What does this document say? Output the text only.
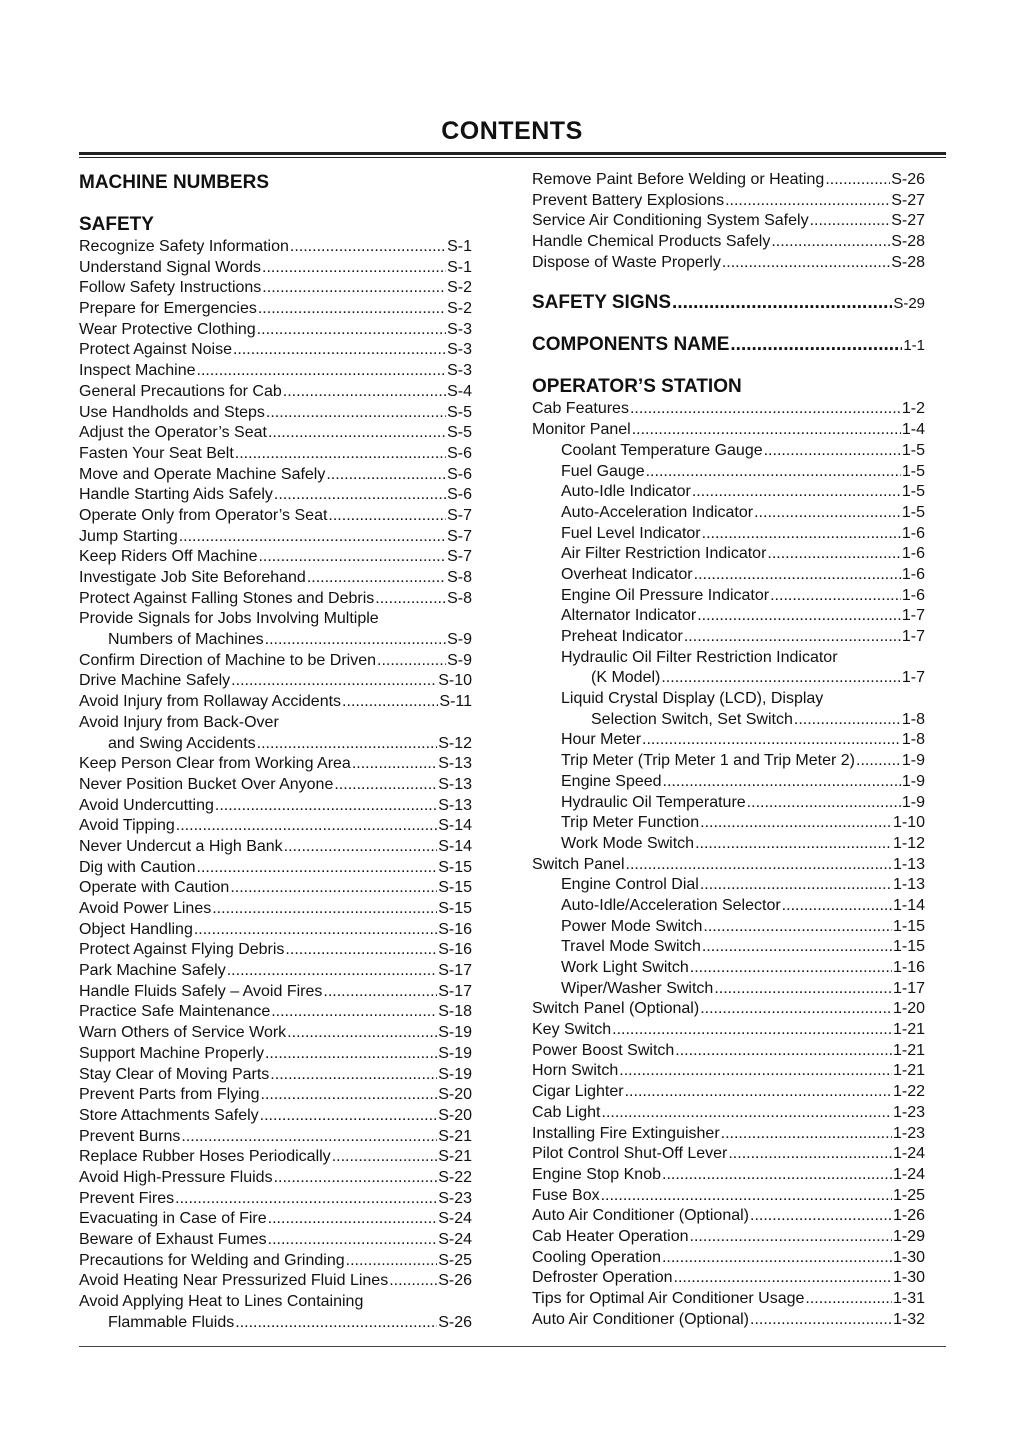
CONTENTS
MACHINE NUMBERS
SAFETY
Recognize Safety Information .....	S-1
Understand Signal Words .....	S-1
Follow Safety Instructions .....	S-2
Prepare for Emergencies .....	S-2
Wear Protective Clothing .....	S-3
Protect Against Noise .....	S-3
Inspect Machine .....	S-3
General Precautions for Cab .....	S-4
Use Handholds and Steps .....	S-5
Adjust the Operator’s Seat .....	S-5
Fasten Your Seat Belt .....	S-6
Move and Operate Machine Safely .....	S-6
Handle Starting Aids Safely .....	S-6
Operate Only from Operator’s Seat .....	S-7
Jump Starting .....	S-7
Keep Riders Off Machine .....	S-7
Investigate Job Site Beforehand .....	S-8
Protect Against Falling Stones and Debris .....	S-8
Provide Signals for Jobs Involving Multiple
Numbers of Machines .....	S-9
Confirm Direction of Machine to be Driven .....	S-9
Drive Machine Safely .....	S-10
Avoid Injury from Rollaway Accidents .....	S-11
Avoid Injury from Back-Over
and Swing Accidents .....	S-12
Keep Person Clear from Working Area .....	S-13
Never Position Bucket Over Anyone .....	S-13
Avoid Undercutting .....	S-13
Avoid Tipping .....	S-14
Never Undercut a High Bank .....	S-14
Dig with Caution .....	S-15
Operate with Caution .....	S-15
Avoid Power Lines .....	S-15
Object Handling .....	S-16
Protect Against Flying Debris .....	S-16
Park Machine Safely .....	S-17
Handle Fluids Safely – Avoid Fires .....	S-17
Practice Safe Maintenance .....	S-18
Warn Others of Service Work .....	S-19
Support Machine Properly .....	S-19
Stay Clear of Moving Parts .....	S-19
Prevent Parts from Flying .....	S-20
Store Attachments Safely .....	S-20
Prevent Burns .....	S-21
Replace Rubber Hoses Periodically .....	S-21
Avoid High-Pressure Fluids .....	S-22
Prevent Fires .....	S-23
Evacuating in Case of Fire .....	S-24
Beware of Exhaust Fumes .....	S-24
Precautions for Welding and Grinding .....	S-25
Avoid Heating Near Pressurized Fluid Lines .....	S-26
Avoid Applying Heat to Lines Containing
Flammable Fluids .....	S-26
Remove Paint Before Welding or Heating .....	S-26
Prevent Battery Explosions .....	S-27
Service Air Conditioning System Safely .....	S-27
Handle Chemical Products Safely .....	S-28
Dispose of Waste Properly .....	S-28
SAFETY SIGNS .....	S-29
COMPONENTS NAME .....	1-1
OPERATOR’S STATION
Cab Features .....	1-2
Monitor Panel .....	1-4
Coolant Temperature Gauge .....	1-5
Fuel Gauge .....	1-5
Auto-Idle Indicator .....	1-5
Auto-Acceleration Indicator .....	1-5
Fuel Level Indicator .....	1-6
Air Filter Restriction Indicator .....	1-6
Overheat Indicator .....	1-6
Engine Oil Pressure Indicator .....	1-6
Alternator Indicator .....	1-7
Preheat Indicator .....	1-7
Hydraulic Oil Filter Restriction Indicator
(K Model) .....	1-7
Liquid Crystal Display (LCD), Display
Selection Switch, Set Switch .....	1-8
Hour Meter .....	1-8
Trip Meter (Trip Meter 1 and Trip Meter 2) .....	1-9
Engine Speed .....	1-9
Hydraulic Oil Temperature .....	1-9
Trip Meter Function .....	1-10
Work Mode Switch .....	1-12
Switch Panel .....	1-13
Engine Control Dial .....	1-13
Auto-Idle/Acceleration Selector .....	1-14
Power Mode Switch .....	1-15
Travel Mode Switch .....	1-15
Work Light Switch .....	1-16
Wiper/Washer Switch .....	1-17
Switch Panel (Optional) .....	1-20
Key Switch .....	1-21
Power Boost Switch .....	1-21
Horn Switch .....	1-21
Cigar Lighter .....	1-22
Cab Light .....	1-23
Installing Fire Extinguisher .....	1-23
Pilot Control Shut-Off Lever .....	1-24
Engine Stop Knob .....	1-24
Fuse Box .....	1-25
Auto Air Conditioner (Optional) .....	1-26
Cab Heater Operation .....	1-29
Cooling Operation .....	1-30
Defroster Operation .....	1-30
Tips for Optimal Air Conditioner Usage .....	1-31
Auto Air Conditioner (Optional) .....	1-32
